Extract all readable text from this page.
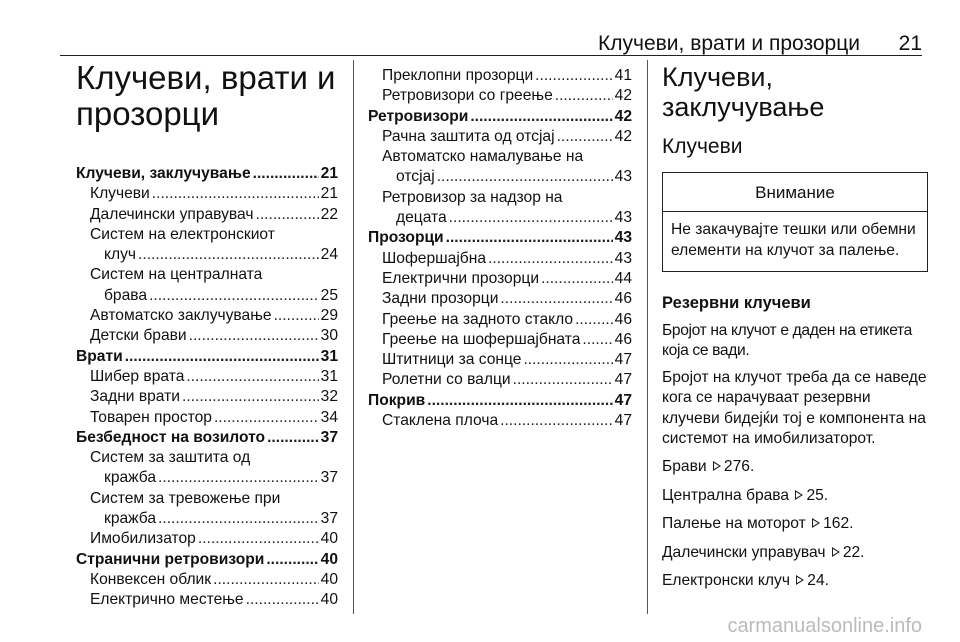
Клучеви, врати и прозорци 21
Клучеви, врати и
прозорци
Клучеви, заклучување .....	21
Клучеви .....	21
Далечински управувач .....	22
Систем на електронскиот
клуч .....	24
Систем на централната
брава .....	25
Автоматско заклучување .....	29
Детски брави .....	30
Врати .....	31
Шибер врата .....	31
Задни врати .....	32
Товарен простор .....	34
Безбедност на возилото .....	37
Систем за заштита од
кражба .....	37
Систем за тревожење при
кражба .....	37
Имобилизатор .....	40
Странични ретровизори .....	40
Конвексен облик .....	40
Електрично местење .....	40
Преклопни прозорци .....	41
Ретровизори со греење .....	42
Ретровизори .....	42
Рачна заштита од отсјај .....	42
Автоматско намалување на
отсјај .....	43
Ретровизор за надзор на
децата .....	43
Прозорци .....	43
Шофершајбна .....	43
Електрични прозорци .....	44
Задни прозорци .....	46
Греење на задното стакло .....	46
Греење на шофершајбната ..... 46
Штитници за сонце .....	47
Ролетни со валци .....	47
Покрив .....	47
Стаклена плоча .....	47
Клучеви, заклучување
Клучеви
Внимание
Не закачувајте тешки или обемни елементи на клучот за палење.

Резервни клучеви

Бројот на клучот е даден на етикета која се вади.

Бројот на клучот треба да се наведе кога се нарачуваат резервни клучеви бидејќи тој е компонента на системот на имобилизаторот.

Брави 276.

Централна брава 25.

Палење на моторот 162.

Далечински управувач 22.

Електронски клуч 24.

carmanualsonline.info
